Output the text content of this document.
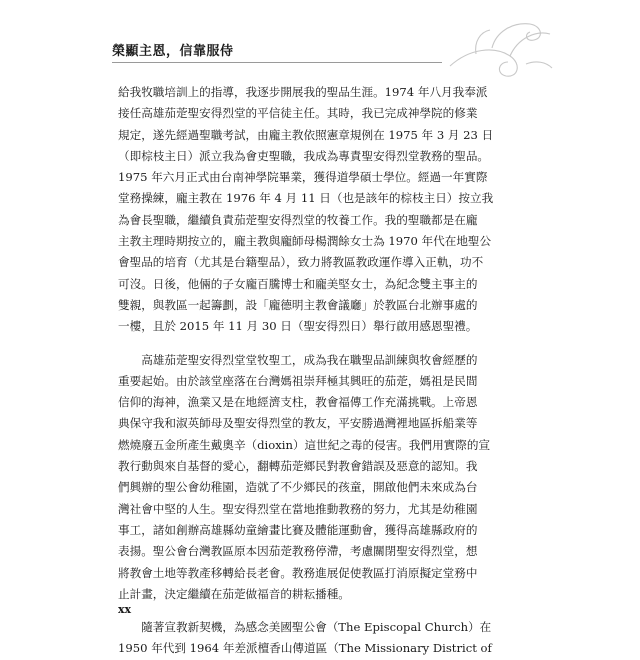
榮顯主恩，信靠服侍
給我牧職培訓上的指導，我逐步開展我的聖品生涯。1974 年八月我奉派
接任高雄茄萣聖安得烈堂的平信徒主任。其時，我已完成神學院的修業
規定，遂先經過聖職考試，由龐主教依照憲章規例在 1975 年 3 月 23 日
（即棕枝主日）派立我為會吏聖職，我成為專責聖安得烈堂教務的聖品。
1975 年六月正式由台南神學院畢業，獲得道學碩士學位。經過一年實際
堂務操練，龐主教在 1976 年 4 月 11 日（也是該年的棕枝主日）按立我
為會長聖職，繼續負責茄萣聖安得烈堂的牧養工作。我的聖職都是在龐
主教主理時期按立的，龐主教與龐師母楊潤餘女士為 1970 年代在地聖公
會聖品的培育（尤其是台籍聖品），致力將教區教政運作導入正軌，功不
可沒。日後，他倆的子女龐百騰博士和龐美堅女士，為紀念雙主事主的
雙親，與教區一起籌劃，設「龐德明主教會議廳」於教區台北辦事處的
一樓，且於 2015 年 11 月 30 日（聖安得烈日）舉行啟用感恩聖禮。
　　高雄茄萣聖安得烈堂堂牧聖工，成為我在職聖品訓練與牧會經歷的
重要起始。由於該堂座落在台灣媽祖崇拜極其興旺的茄萣，媽祖是民間
信仰的海神，漁業又是在地經濟支柱，教會福傳工作充滿挑戰。上帝恩
典保守我和淑英師母及聖安得烈堂的教友，平安勝過灣裡地區拆船業等
燃燒廢五金所產生戴奧辛（dioxin）這世紀之毒的侵害。我們用實際的宣
教行動與來自基督的愛心，翻轉茄萣鄉民對教會錯誤及惡意的認知。我
們興辦的聖公會幼稚園，造就了不少鄉民的孩童，開啟他們未來成為台
灣社會中堅的人生。聖安得烈堂在當地推動教務的努力，尤其是幼稚園
事工，諸如創辦高雄縣幼童繪畫比賽及體能運動會，獲得高雄縣政府的
表揚。聖公會台灣教區原本因茄萣教務停滯，考慮關閉聖安得烈堂，想
將教會土地等教產移轉給長老會。教務進展促使教區打消原擬定堂務中
止計畫，決定繼續在茄萣做福音的耕耘播種。
　　隨著宣教新契機，為感念美國聖公會（The Episcopal Church）在
1950 年代到 1964 年差派檀香山傳道區（The Missionary District of
xx
